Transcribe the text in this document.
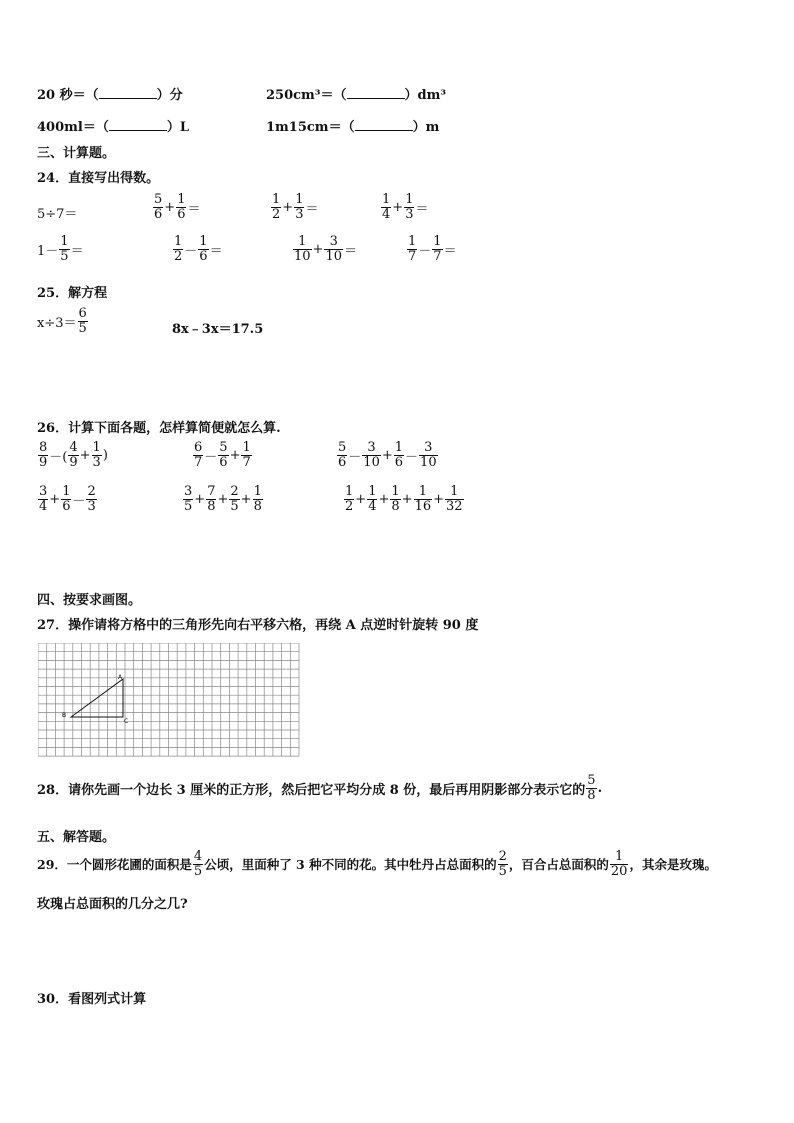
20 秒＝（	）分	250cm³＝（	）dm³
400ml＝（	）L	1m15cm＝（	）m
三、计算题。
24．直接写出得数。
5÷7＝	$\frac{5}{6} + \frac{1}{6}$ ＝	$\frac{1}{2} + \frac{1}{3}$ ＝	$\frac{1}{4} + \frac{1}{3}$ ＝
$1- \frac{1}{5}$ ＝	$\frac{1}{2} - \frac{1}{6}$ ＝	$\frac{1}{10} + \frac{3}{10}$ ＝	$\frac{1}{7} - \frac{1}{7}$ ＝
25．解方程
$x\div 3= \frac{6}{5}$	8x﹣3x＝17.5
26．计算下面各题，怎样算简便就怎么算.
$\frac{8}{9}$ －( $\frac{4}{9} + \frac{1}{3}$ )	$\frac{6}{7} - \frac{5}{6} + \frac{1}{7}$	$\frac{5}{6} - \frac{3}{10} + \frac{1}{6} - \frac{3}{10}$
$\frac{3}{4} + \frac{1}{6} - \frac{2}{3}$	$\frac{3}{5} + \frac{7}{8} + \frac{2}{5} + \frac{1}{8}$	$\frac{1}{2} + \frac{1}{4} + \frac{1}{8} + \frac{1}{16} + \frac{1}{32}$
四、按要求画图。
27．操作请将方格中的三角形先向右平移六格，再绕 A 点逆时针旋转 90 度
A
B
C
28．请你先画一个边长 3 厘米的正方形，然后把它平均分成 8 份，最后再用阴影部分表示它的 $\frac{5}{8}$ .
五、解答题。
29．一个圆形花圃的面积是 $\frac{4}{5}$ 公顷，里面种了 3 种不同的花。其中牡丹占总面积的 $\frac{2}{5}$ ，百合占总面积的 $\frac{1}{20}$ ，其余是玫瑰。
玫瑰占总面积的几分之几?
30．看图列式计算
